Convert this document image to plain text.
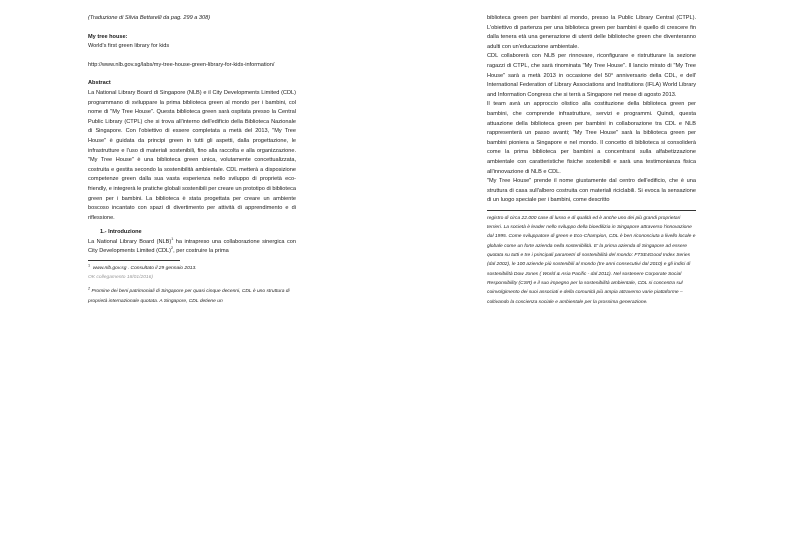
(Traduzione di Silvia Bettarelli da pag. 299 a 308)

My tree house:

World's first green library for kids

http://www.nlb.gov.sg/labs/my-tree-house-green-library-for-kids-information/

Abstract

La National Library Board di Singapore (NLB) e il City Developments Limited (CDL) programmano di sviluppare la prima biblioteca green al mondo per i bambini, col nome di "My Tree House". Questa biblioteca green sarà ospitata presso la Central Public Library (CTPL) che si trova all'interno dell'edificio della Biblioteca Nazionale di Singapore. Con l'obiettivo di essere completata a metà del 2013, "My Tree House" è guidata da principi green in tutti gli aspetti, dalla progettazione, le infrastrutture e l'uso di materiali sostenibili, fino alla raccolta e alla organizzazione. "My Tree House" è una biblioteca green unica, volutamente concettualizzata, costruita e gestita secondo la sostenibilità ambientale. CDL metterà a disposizione competenze green dalla sua vasta esperienza nello sviluppo di proprietà eco-friendly, e integrerà le pratiche globali sostenibili per creare un prototipo di biblioteca green per i bambini. La biblioteca è stata progettata per creare un ambiente boscoso incantato con spazi di divertimento per attività di apprendimento e di riflessione.

1.- Introduzione

La National Library Board (NLB)$^1$ ha intrapreso una collaborazione sinergica con City Developments Limited (CDL)$^2$, per costruire la prima

$^1$  www.nlb.gov.sg . Consultato il 29 gennaio 2013.

OK collegamento 18/01/2016)

$^2$ Promine dei beni patrimoniali di Singapore per quasi cinque decenni, CDL è uno struttura di proprietà internazionale quotata. A Singapore, CDL detiene un

biblioteca green per bambini al mondo, presso la Public Library Central (CTPL). L'obiettivo di partenza per una biblioteca green per bambini è quello di crescere fin dalla tenera età una generazione di utenti delle biblioteche green che diventeranno adulti con un'educazione ambientale.

CDL collaborerà con NLB per rinnovare, riconfigurare e ristrutturare la sezione ragazzi di CTPL, che sarà rinominata "My Tree House". Il lancio mirato di "My Tree House" sarà a metà 2013 in occasione del 50° anniversario della CDL, e dell' International Federation of Library Associations and Institutions (IFLA) World Library and Information Congress che si terrà a Singapore nel mese di agosto 2013.

Il team avrà un approccio olistico alla costituzione della biblioteca green per bambini, che comprende infrastrutture, servizi e programmi. Quindi, questa attuazione della biblioteca green per bambini in collaborazione tra CDL e NLB rappresenterà un passo avanti; "My Tree House" sarà la biblioteca green per bambini pioniera a Singapore e nel mondo. Il concetto di biblioteca si consoliderà come la prima biblioteca per bambini a concentrarsi sulla alfabetizzazione ambientale con caratteristiche fisiche sostenibili e sarà una testimonianza fisica all'innovazione di NLB e CDL.

"My Tree House" prende il nome giustamente dal centro dell'edificio, che è una struttura di casa sull'albero costruita con materiali riciclabili. Si evoca la sensazione di un luogo speciale per i bambini, come descritto

registro di circa 22.000 case di lusso e di qualità ed è anche uno dei più grandi proprietari terrieri. La società è leader nello sviluppo della bioedilizia in Singapore attraverso l'innovazione dal 1995. Come sviluppatore di green e Eco-Champion, CDL è ben riconosciuta a livello locale e globale come un forte azienda nella sostenibilità. E' la prima azienda di Singapore ad essere quotata su tutti e tre i principali parametri di sostenibilità del mondo: FTSE4Good Index Series (dal 2002), le 100 aziende più sostenibili al mondo (tre anni consecutivi dal 2010) e gli indici di sostenibilità Dow Jones ( World & Asia Pacific - dal 2011). Nel sostenere Corporate Social Responsibility (CSR) e il suo impegno per la sostenibilità ambientale, CDL si concentra sul coinvolgimento dei suoi associati e della comunità più ampia attraverso varie piattaforme – coltivando la coscienza sociale e ambientale per la prossima generazione.
